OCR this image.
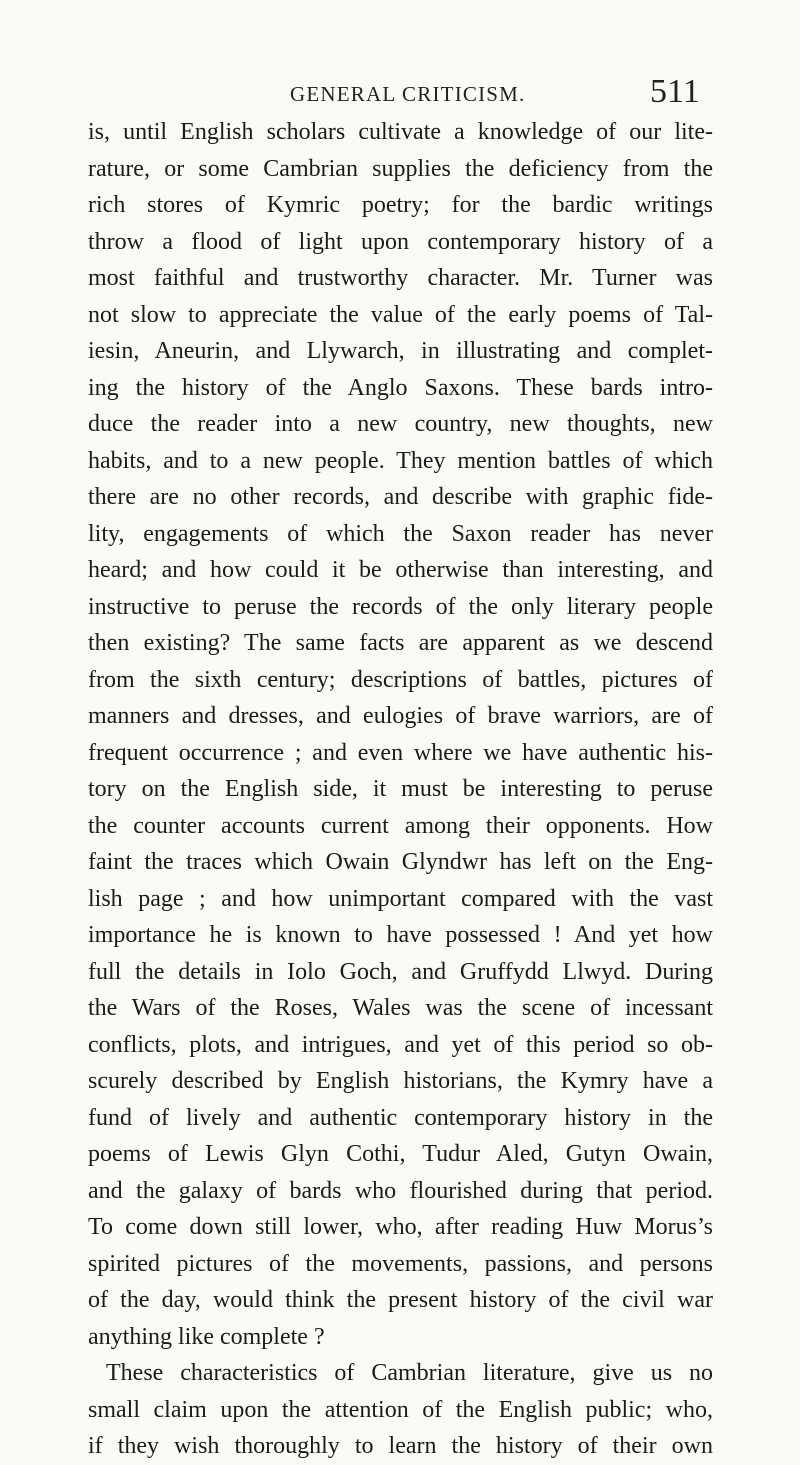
GENERAL CRITICISM.	511
is, until English scholars cultivate a knowledge of our lite-
rature, or some Cambrian supplies the deficiency from the
rich stores of Kymric poetry; for the bardic writings
throw a flood of light upon contemporary history of a
most faithful and trustworthy character. Mr. Turner was
not slow to appreciate the value of the early poems of Tal-
iesin, Aneurin, and Llywarch, in illustrating and complet-
ing the history of the Anglo Saxons. These bards intro-
duce the reader into a new country, new thoughts, new
habits, and to a new people. They mention battles of which
there are no other records, and describe with graphic fide-
lity, engagements of which the Saxon reader has never
heard; and how could it be otherwise than interesting, and
instructive to peruse the records of the only literary people
then existing? The same facts are apparent as we descend
from the sixth century; descriptions of battles, pictures of
manners and dresses, and eulogies of brave warriors, are of
frequent occurrence ; and even where we have authentic his-
tory on the English side, it must be interesting to peruse
the counter accounts current among their opponents. How
faint the traces which Owain Glyndwr has left on the Eng-
lish page ; and how unimportant compared with the vast
importance he is known to have possessed ! And yet how
full the details in Iolo Goch, and Gruffydd Llwyd. During
the Wars of the Roses, Wales was the scene of incessant
conflicts, plots, and intrigues, and yet of this period so ob-
scurely described by English historians, the Kymry have a
fund of lively and authentic contemporary history in the
poems of Lewis Glyn Cothi, Tudur Aled, Gutyn Owain,
and the galaxy of bards who flourished during that period.
To come down still lower, who, after reading Huw Morus’s
spirited pictures of the movements, passions, and persons
of the day, would think the present history of the civil war
anything like complete ?
These characteristics of Cambrian literature, give us no
small claim upon the attention of the English public; who,
if they wish thoroughly to learn the history of their own
